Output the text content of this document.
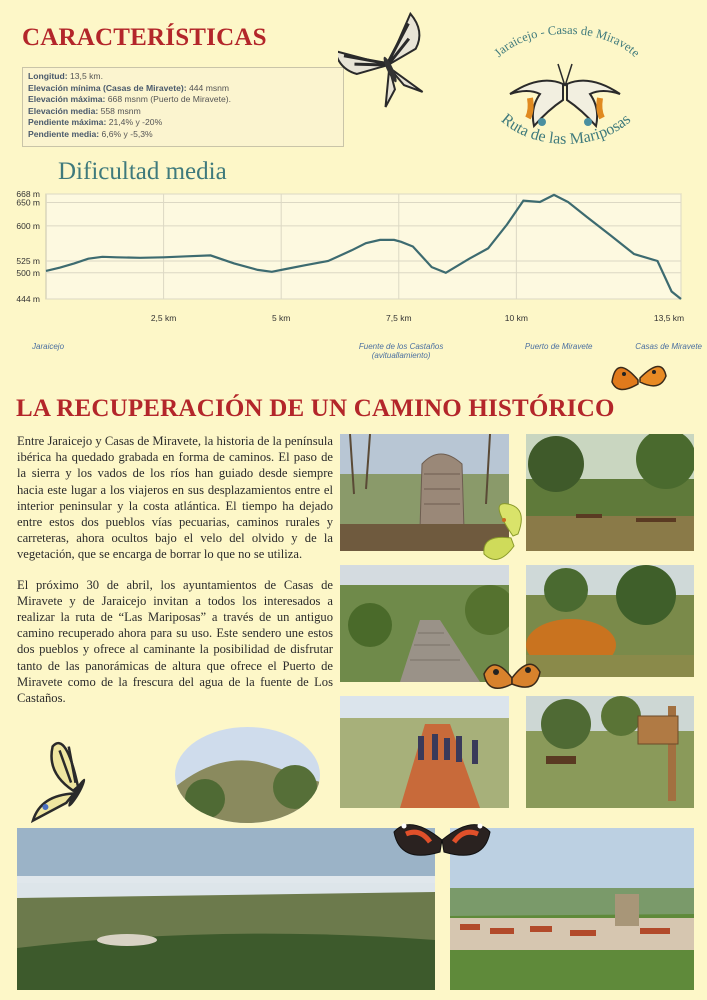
CARACTERÍSTICAS
Longitud: 13,5 km.
Elevación mínima (Casas de Miravete): 444 msnm
Elevación máxima: 668 msnm (Puerto de Miravete).
Elevación media: 558 msnm
Pendiente máxima: 21,4% y -20%
Pendiente media: 6,6% y -5,3%
Jaraicejo - Casas de Miravete
Ruta de las Mariposas
Dificultad media
444 m
500 m
525 m
600 m
650 m
668 m
2,5 km	5 km	7,5 km	10 km	13,5 km
Jaraicejo	Fuente de los Castaños
(avituallamiento)
Puerto de Miravete	Casas de Miravete
LA RECUPERACIÓN DE UN CAMINO HISTÓRICO

Entre Jaraicejo y Casas de Miravete, la historia de la península ibérica ha quedado grabada en forma de caminos. El paso de la sierra y los vados de los ríos han guiado desde siempre hacia este lugar a los viajeros en sus desplazamientos entre el interior peninsular y la costa atlántica. El tiempo ha dejado entre estos dos pueblos vías pecuarias, caminos rurales y carreteras, ahora ocultos bajo el velo del olvido y de la vegetación, que se encarga de borrar lo que no se utiliza.

El próximo 30 de abril, los ayuntamientos de Casas de Miravete y de Jaraicejo invitan a todos los interesados a realizar la ruta de “Las Mariposas” a través de un antiguo camino recuperado ahora para su uso. Este sendero une estos dos pueblos y ofrece al caminante la posibilidad de disfrutar tanto de las panorámicas de altura que ofrece el Puerto de Miravete como de la frescura del agua de la fuente de Los Castaños.
